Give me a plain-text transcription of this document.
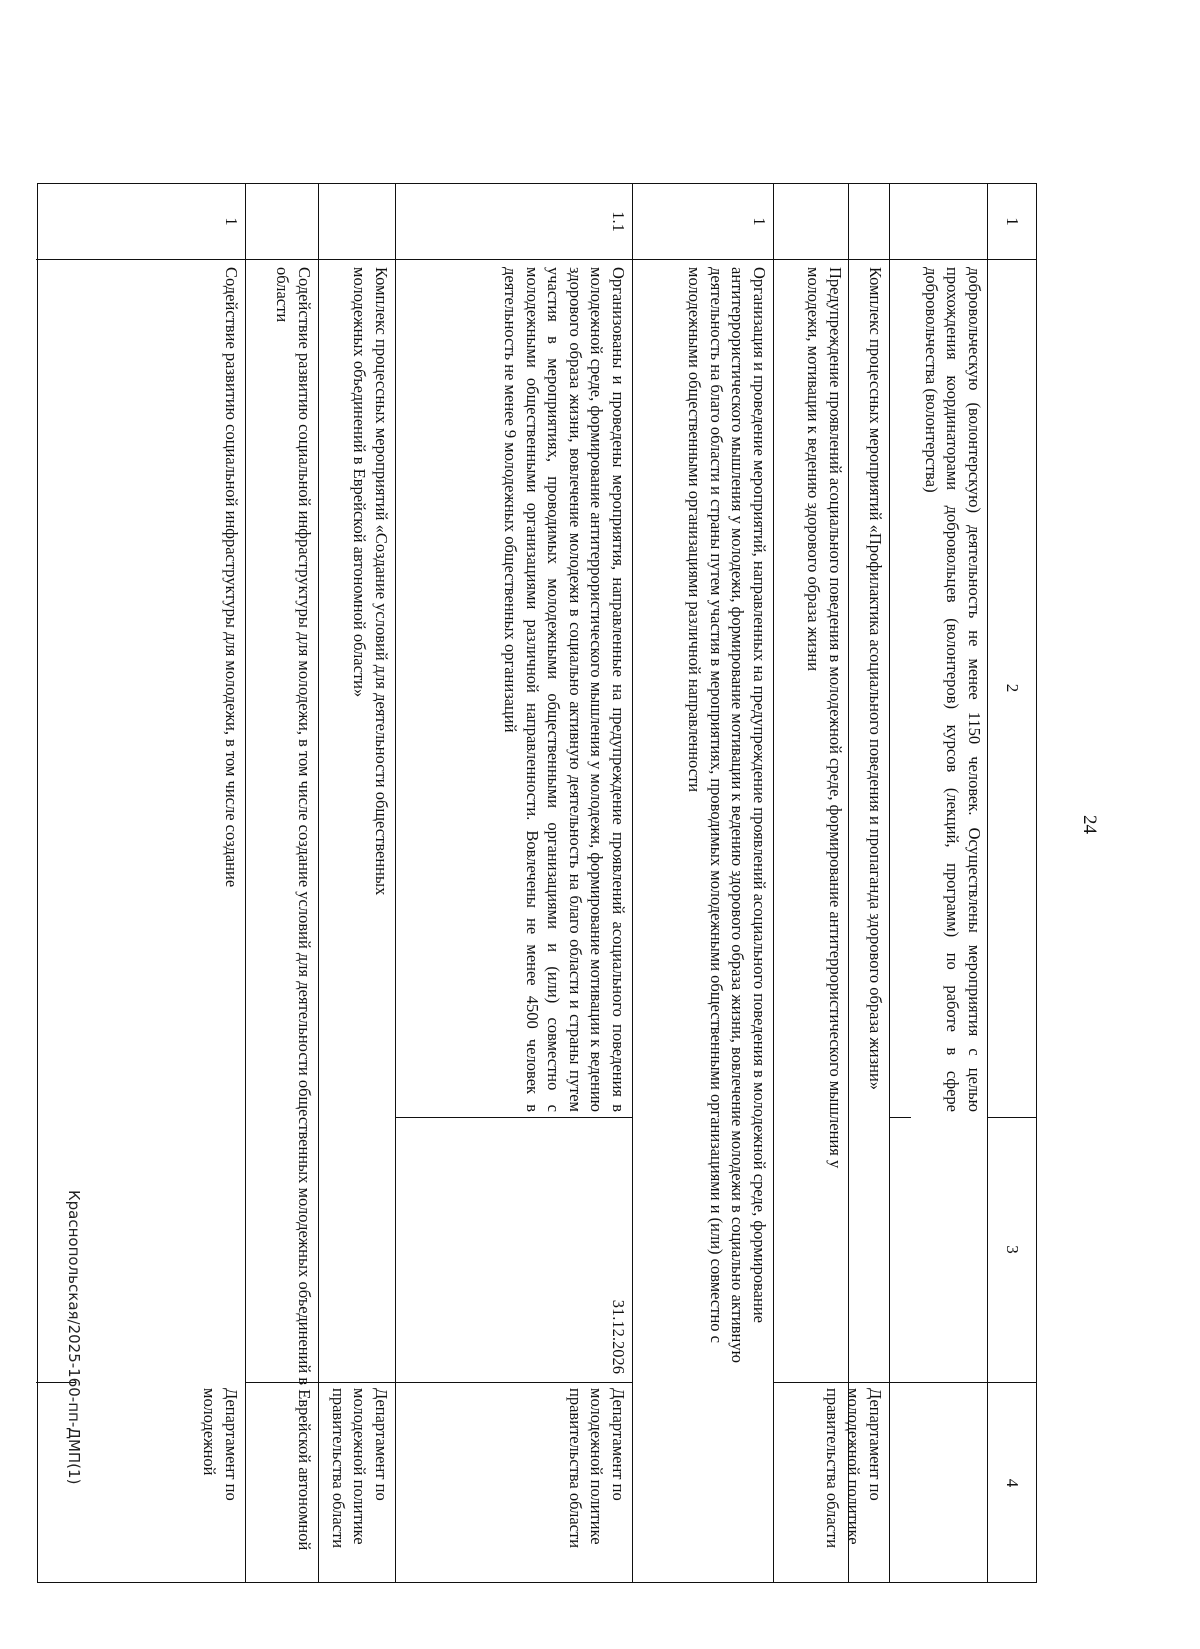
24
1
2
3
4
добровольческую (волонтерскую) деятельность не менее 1150 человек. Осуществлены мероприятия с целью прохождения координаторами добровольцев (волонтеров) курсов (лекций, программ) по работе в сфере добровольчества (волонтерства)
Комплекс процессных мероприятий «Профилактика асоциального поведения и пропаганда здорового образа жизни»
Департамент по молодежной политике правительства области
Предупреждение проявлений асоциального поведения в молодежной среде, формирование антитеррористического мышления у молодежи, мотивации к ведению здорового образа жизни
1
Организация и проведение мероприятий, направленных на предупреждение проявлений асоциального поведения в молодежной среде, формирование антитеррористического мышления у молодежи, формирование мотивации к ведению здорового образа жизни, вовлечение молодежи в социально активную деятельность на благо области и страны путем участия в мероприятиях, проводимых молодежными общественными организациями и (или) совместно с молодежными общественными организациями различной направленности
1.1
Организованы и проведены мероприятия, направленные на предупреждение проявлений асоциального поведения в молодежной среде, формирование антитеррористического мышления у молодежи, формирование мотивации к ведению здорового образа жизни, вовлечение молодежи в социально активную деятельность на благо области и страны путем участия в мероприятиях, проводимых молодежными общественными организациями и (или) совместно с молодежными общественными организациями различной направленности. Вовлечены не менее 4500 человек в деятельность не менее 9 молодежных общественных организаций
31.12.2026
Департамент по молодежной политике правительства области
Комплекс процессных мероприятий «Создание условий для деятельности общественных молодежных объединений в Еврейской автономной области»
Департамент по молодежной политике правительства области
Содействие развитию социальной инфраструктуры для молодежи, в том числе создание условий для деятельности общественных молодежных объединений в Еврейской автономной области
1
Содействие развитию социальной инфраструктуры для молодежи, в том числе создание
Департамент по молодежной
Краснопольская/2025-160-пп-ДМП(1)
